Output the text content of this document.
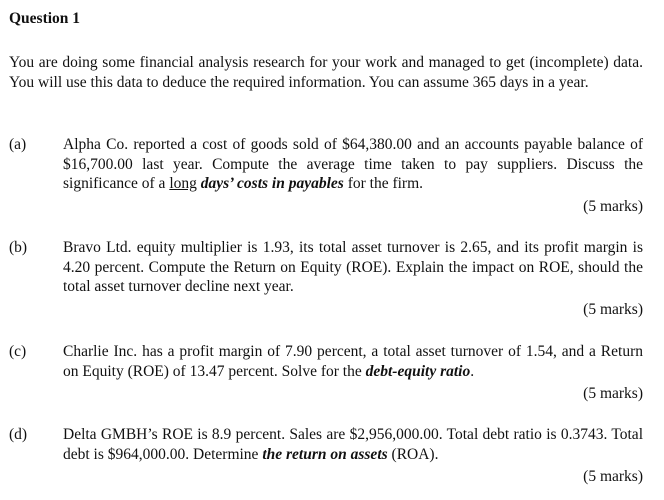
Question 1

You are doing some financial analysis research for your work and managed to get (incomplete) data. You will use this data to deduce the required information. You can assume 365 days in a year.

(a) Alpha Co. reported a cost of goods sold of $64,380.00 and an accounts payable balance of $16,700.00 last year. Compute the average time taken to pay suppliers. Discuss the significance of a long days’ costs in payables for the firm.

(5 marks)
(b) Bravo Ltd. equity multiplier is 1.93, its total asset turnover is 2.65, and its profit margin is 4.20 percent. Compute the Return on Equity (ROE). Explain the impact on ROE, should the total asset turnover decline next year.

(5 marks)
(c) Charlie Inc. has a profit margin of 7.90 percent, a total asset turnover of 1.54, and a Return on Equity (ROE) of 13.47 percent. Solve for the debt-equity ratio.

(5 marks)
(d) Delta GMBH’s ROE is 8.9 percent. Sales are $2,956,000.00. Total debt ratio is 0.3743. Total debt is $964,000.00. Determine the return on assets (ROA).

(5 marks)
